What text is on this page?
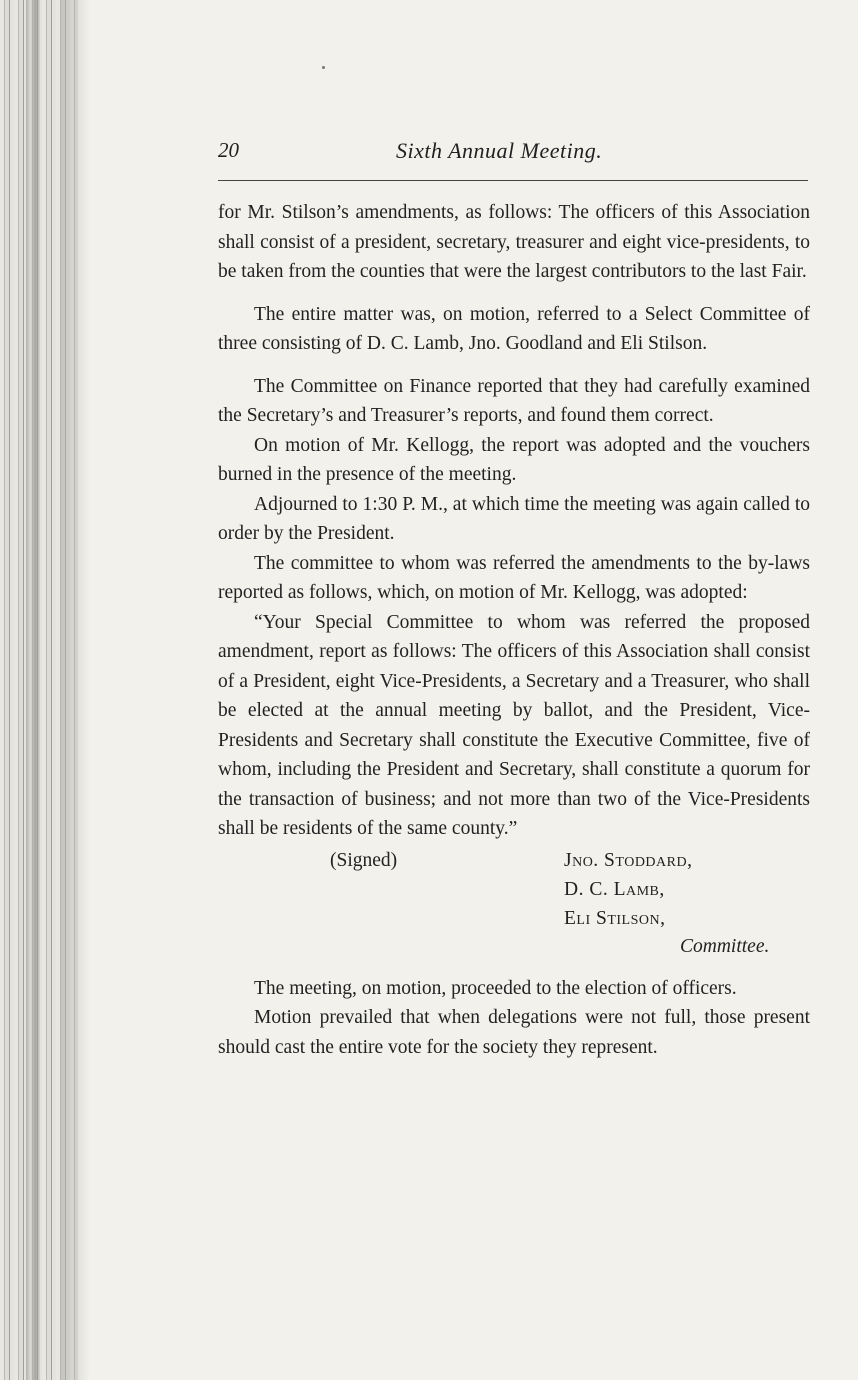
20	Sixth Annual Meeting.

for Mr. Stilson’s amendments, as follows: The officers of this Association shall consist of a president, secretary, treasurer and eight vice-presidents, to be taken from the counties that were the largest contributors to the last Fair.

The entire matter was, on motion, referred to a Select Committee of three consisting of D. C. Lamb, Jno. Goodland and Eli Stilson.

The Committee on Finance reported that they had carefully examined the Secretary’s and Treasurer’s reports, and found them correct.

On motion of Mr. Kellogg, the report was adopted and the vouchers burned in the presence of the meeting.

Adjourned to 1:30 P. M., at which time the meeting was again called to order by the President.

The committee to whom was referred the amendments to the by-laws reported as follows, which, on motion of Mr. Kellogg, was adopted:

“Your Special Committee to whom was referred the proposed amendment, report as follows: The officers of this Association shall consist of a President, eight Vice-Presidents, a Secretary and a Treasurer, who shall be elected at the annual meeting by ballot, and the President, Vice-Presidents and Secretary shall constitute the Executive Committee, five of whom, including the President and Secretary, shall constitute a quorum for the transaction of business; and not more than two of the Vice-Presidents shall be residents of the same county.”

(Signed)	Jno. Stoddard,
D. C. Lamb,
Eli Stilson,
Committee.

The meeting, on motion, proceeded to the election of officers.

Motion prevailed that when delegations were not full, those present should cast the entire vote for the society they represent.
